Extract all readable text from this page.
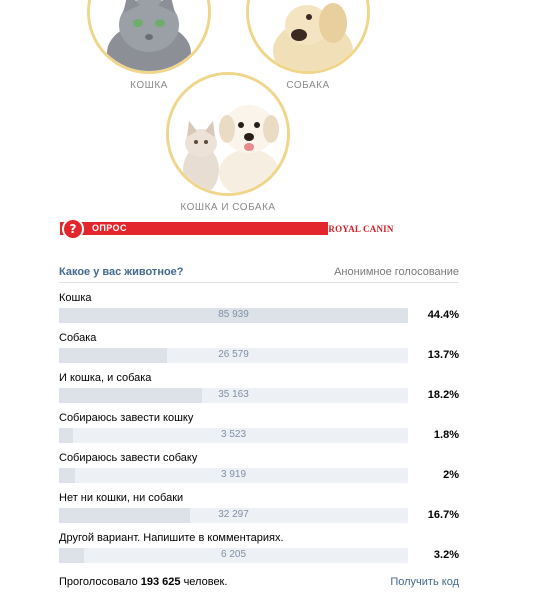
КОШКА	СОБАКА
КОШКА И СОБАКА
?	ОПРОС	ROYAL CANIN
Какое у вас животное?	Анонимное голосование
Кошка
85 939	44.4%
Собака
26 579	13.7%
И кошка, и собака
35 163	18.2%
Собираюсь завести кошку
3 523	1.8%
Собираюсь завести собаку
3 919	2%
Нет ни кошки, ни собаки
32 297	16.7%
Другой вариант. Напишите в комментариях.
6 205	3.2%
Проголосовало 193 625 человек.	Получить код
